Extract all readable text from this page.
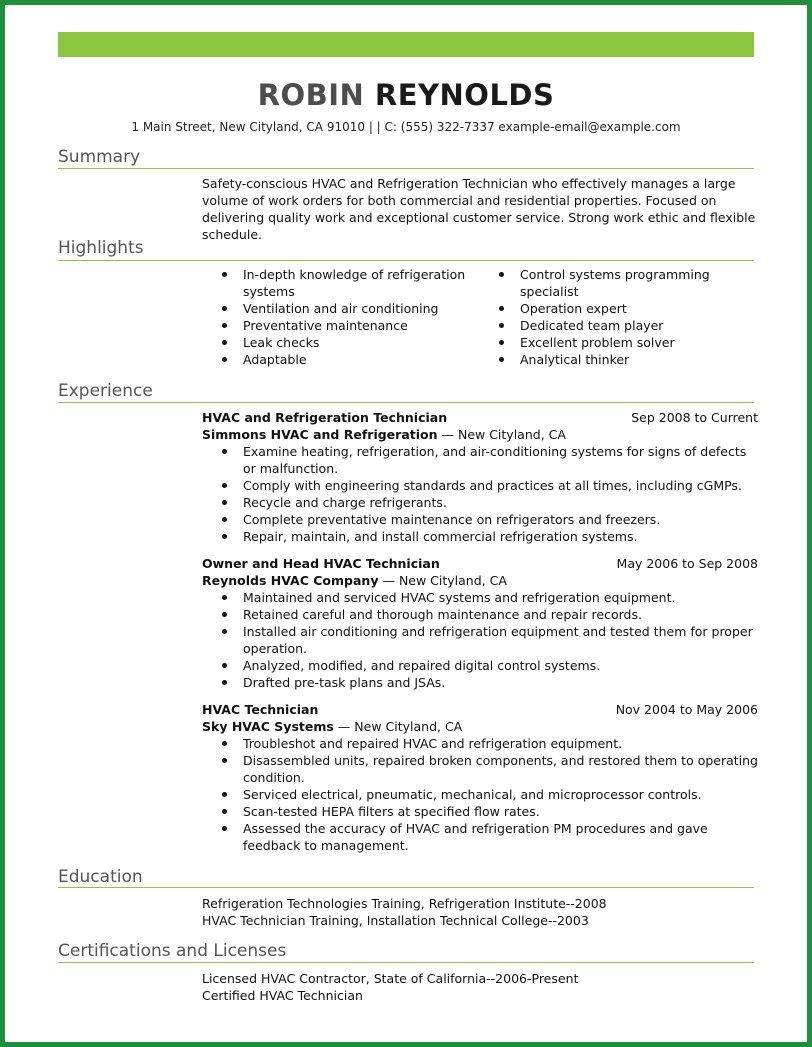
ROBIN REYNOLDS
1 Main Street, New Cityland, CA 91010 | | C: (555) 322-7337 example-email@example.com
Summary

Safety-conscious HVAC and Refrigeration Technician who effectively manages a large volume of work orders for both commercial and residential properties. Focused on delivering quality work and exceptional customer service. Strong work ethic and flexible schedule.

Highlights
In-depth knowledge of refrigeration systems
Ventilation and air conditioning
Preventative maintenance
Leak checks
Adaptable
Control systems programming specialist
Operation expert
Dedicated team player
Excellent problem solver
Analytical thinker
Experience
HVAC and Refrigeration Technician	Sep 2008 to Current
Simmons HVAC and Refrigeration — New Cityland, CA
Examine heating, refrigeration, and air-conditioning systems for signs of defects or malfunction.
Comply with engineering standards and practices at all times, including cGMPs.
Recycle and charge refrigerants.
Complete preventative maintenance on refrigerators and freezers.
Repair, maintain, and install commercial refrigeration systems.
Owner and Head HVAC Technician	May 2006 to Sep 2008
Reynolds HVAC Company — New Cityland, CA
Maintained and serviced HVAC systems and refrigeration equipment.
Retained careful and thorough maintenance and repair records.
Installed air conditioning and refrigeration equipment and tested them for proper operation.
Analyzed, modified, and repaired digital control systems.
Drafted pre-task plans and JSAs.
HVAC Technician	Nov 2004 to May 2006
Sky HVAC Systems — New Cityland, CA
Troubleshot and repaired HVAC and refrigeration equipment.
Disassembled units, repaired broken components, and restored them to operating condition.
Serviced electrical, pneumatic, mechanical, and microprocessor controls.
Scan-tested HEPA filters at specified flow rates.
Assessed the accuracy of HVAC and refrigeration PM procedures and gave feedback to management.
Education
Refrigeration Technologies Training, Refrigeration Institute--2008
HVAC Technician Training, Installation Technical College--2003
Certifications and Licenses
Licensed HVAC Contractor, State of California--2006-Present
Certified HVAC Technician
